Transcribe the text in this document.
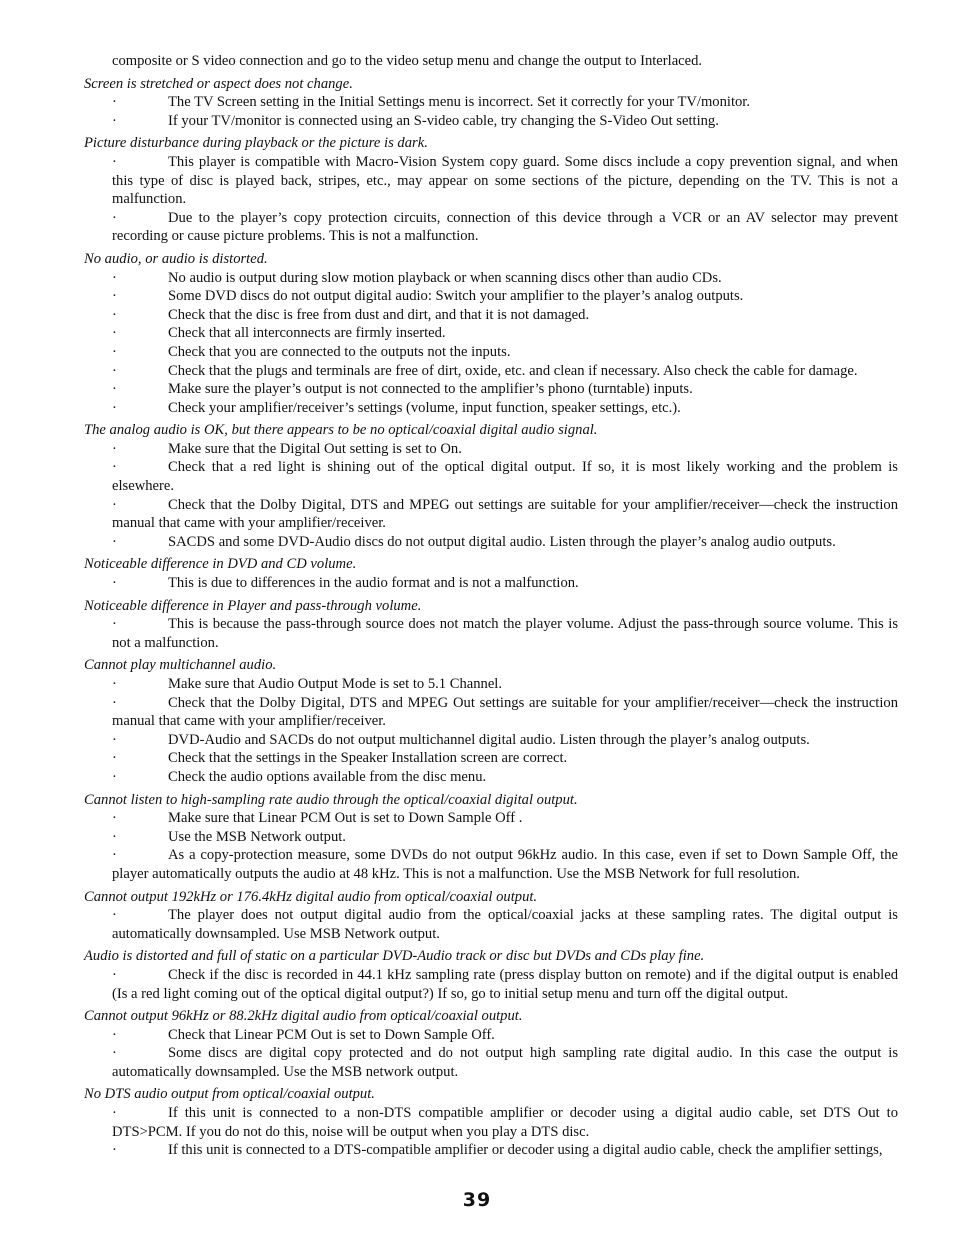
composite or S video connection and go to the video setup menu and change the output to Interlaced.

Screen is stretched or aspect does not change.

·	The TV Screen setting in the Initial Settings menu is incorrect. Set it correctly for your TV/monitor.
·	If your TV/monitor is connected using an S-video cable, try changing the S-Video Out setting.

Picture disturbance during playback or the picture is dark.

·	This player is compatible with Macro-Vision System copy guard. Some discs include a copy prevention signal, and when this type of disc is played back, stripes, etc., may appear on some sections of the picture, depending on the TV. This is not a malfunction.
·	Due to the player’s copy protection circuits, connection of this device through a VCR or an AV selector may prevent recording or cause picture problems. This is not a malfunction.

No audio, or audio is distorted.

·	No audio is output during slow motion playback or when scanning discs other than audio CDs.
·	Some DVD discs do not output digital audio: Switch your amplifier to the player’s analog outputs.
·	Check that the disc is free from dust and dirt, and that it is not damaged.
·	Check that all interconnects are firmly inserted.
·	Check that you are connected to the outputs not the inputs.
·	Check that the plugs and terminals are free of dirt, oxide, etc. and clean if necessary. Also check the cable for damage.
·	Make sure the player’s output is not connected to the amplifier’s phono (turntable) inputs.
·	Check your amplifier/receiver’s settings (volume, input function, speaker settings, etc.).

The analog audio is OK, but there appears to be no optical/coaxial digital audio signal.

·	Make sure that the Digital Out setting is set to On.
·	Check that a red light is shining out of the optical digital output. If so, it is most likely working and the problem is elsewhere.
·	Check that the Dolby Digital, DTS and MPEG out settings are suitable for your amplifier/receiver—check the instruction manual that came with your amplifier/receiver.
·	SACDS and some DVD-Audio discs do not output digital audio. Listen through the player’s analog audio outputs.

Noticeable difference in DVD and CD volume.

·	This is due to differences in the audio format and is not a malfunction.

Noticeable difference in Player and pass-through volume.

·	This is because the pass-through source does not match the player volume. Adjust the pass-through source volume. This is not a malfunction.

Cannot play multichannel audio.

·	Make sure that Audio Output Mode is set to 5.1 Channel.
·	Check that the Dolby Digital, DTS and MPEG Out settings are suitable for your amplifier/receiver—check the instruction manual that came with your amplifier/receiver.
·	DVD-Audio and SACDs do not output multichannel digital audio. Listen through the player’s analog outputs.
·	Check that the settings in the Speaker Installation screen are correct.
·	Check the audio options available from the disc menu.

Cannot listen to high-sampling rate audio through the optical/coaxial digital output.

·	Make sure that Linear PCM Out is set to Down Sample Off .
·	Use the MSB Network output.
·	As a copy-protection measure, some DVDs do not output 96kHz audio. In this case, even if set to Down Sample Off, the player automatically outputs the audio at 48 kHz. This is not a malfunction. Use the MSB Network for full resolution.

Cannot output 192kHz or 176.4kHz digital audio from optical/coaxial output.

·	The player does not output digital audio from the optical/coaxial jacks at these sampling rates. The digital output is automatically downsampled. Use MSB Network output.

Audio is distorted and full of static on a particular DVD-Audio track or disc but DVDs and CDs play fine.

·	Check if the disc is recorded in 44.1 kHz sampling rate (press display button on remote) and if the digital output is enabled (Is a red light coming out of the optical digital output?) If so, go to initial setup menu and turn off the digital output.

Cannot output 96kHz or 88.2kHz digital audio from optical/coaxial output.

·	Check that Linear PCM Out is set to Down Sample Off.
·	Some discs are digital copy protected and do not output high sampling rate digital audio. In this case the output is automatically downsampled. Use the MSB network output.

No DTS audio output from optical/coaxial output.

·	If this unit is connected to a non-DTS compatible amplifier or decoder using a digital audio cable, set DTS Out to DTS>PCM. If you do not do this, noise will be output when you play a DTS disc.
·	If this unit is connected to a DTS-compatible amplifier or decoder using a digital audio cable, check the amplifier settings,
39
